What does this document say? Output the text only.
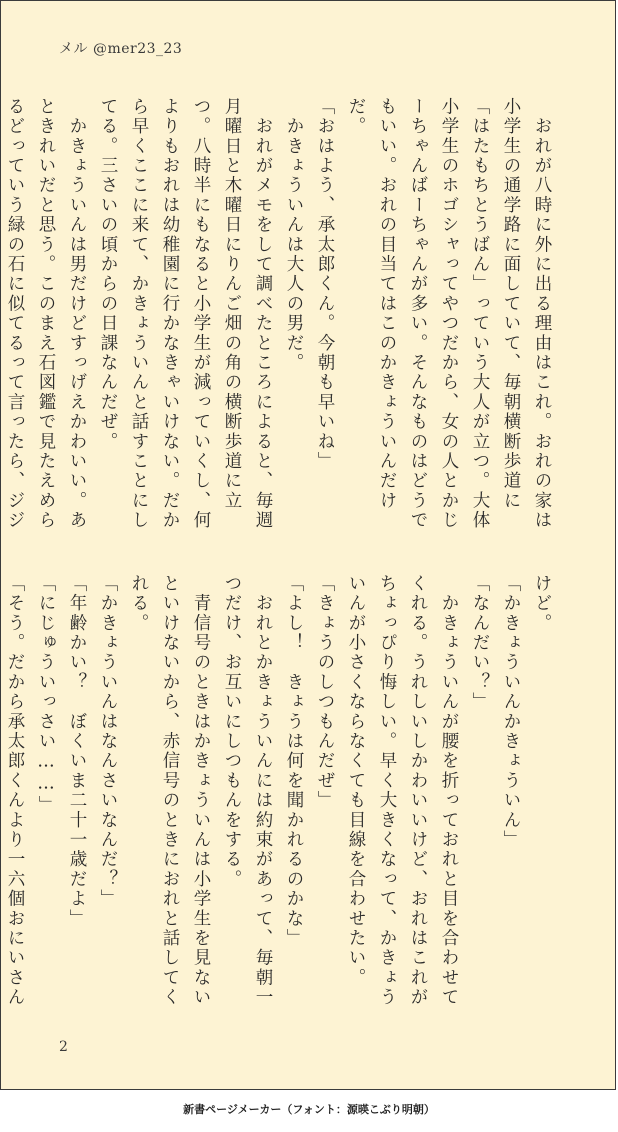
メル @mer23_23

　おれが八時に外に出る理由はこれ。おれの家は小学生の通学路に面していて、毎朝横断歩道に「はたもちとうばん」っていう大人が立つ。大体小学生のホゴシャってやつだから、女の人とかじーちゃんばーちゃんが多い。そんなものはどうでもいい。おれの目当てはこのかきょういんだけだ。

「おはよう、承太郎くん。今朝も早いね」

　かきょういんは大人の男だ。

　おれがメモをして調べたところによると、毎週月曜日と木曜日にりんご畑の角の横断歩道に立つ。八時半にもなると小学生が減っていくし、何よりもおれは幼稚園に行かなきゃいけない。だから早くここに来て、かきょういんと話すことにしてる。三さいの頃からの日課なんだぜ。

　かきょういんは男だけどすっげえかわいい。あときれいだと思う。このまえ石図鑑で見たえめらるどっていう緑の石に似てるって言ったら、ジジ

けど。

「かきょういんかきょういん」

「なんだい？」

　かきょういんが腰を折っておれと目を合わせてくれる。うれしいしかわいいけど、おれはこれがちょっぴり悔しい。早く大きくなって、かきょういんが小さくならなくても目線を合わせたい。

「きょうのしつもんだぜ」

「よし！　きょうは何を聞かれるのかな」

　おれとかきょういんには約束があって、毎朝一つだけ、お互いにしつもんをする。

　青信号のときはかきょういんは小学生を見ないといけないから、赤信号のときにおれと話してくれる。

「かきょういんはなんさいなんだ？」

「年齢かい？　ぼくいま二十一歳だよ」

「にじゅういっさい……」

「そう。だから承太郎くんより一六個おにいさん

2
新書ページメーカー（フォント：源暎こぶり明朝）
